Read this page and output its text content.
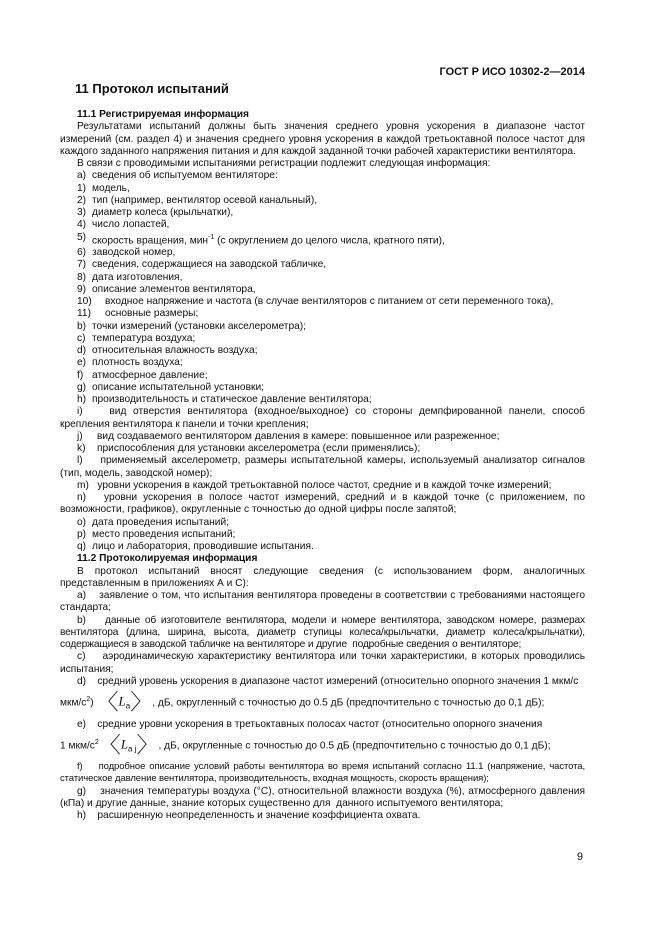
ГОСТ Р ИСО 10302-2—2014
11 Протокол испытаний

11.1 Регистрируемая информация

Результатами испытаний должны быть значения среднего уровня ускорения в диапазоне частот измерений (см. раздел 4) и значения среднего уровня ускорения в каждой третьоктавной полосе частот для каждого заданного напряжения питания и для каждой заданной точки рабочей характеристики вентилятора.

В связи с проводимыми испытаниями регистрации подлежит следующая информация:

a) сведения об испытуемом вентиляторе:
1) модель,
2) тип (например, вентилятор осевой канальный),
3) диаметр колеса (крыльчатки),
4) число лопастей,
5) скорость вращения, мин$^{-1}$ (с округлением до целого числа, кратного пяти),
6) заводской номер,
7) сведения, содержащиеся на заводской табличке,
8) дата изготовления,
9) описание элементов вентилятора,
10)	входное напряжение и частота (в случае вентиляторов с питанием от сети переменного тока),
11)	основные размеры;
b) точки измерений (установки акселерометра);
c) температура воздуха;
d) относительная влажность воздуха;
e) плотность воздуха;
f) атмосферное давление;
g) описание испытательной установки;
h) производительность и статическое давление вентилятора;

i)    вид отверстия вентилятора (входное/выходное) со стороны демпфированной панели, способ крепления вентилятора к панели и точки крепления;

j)	вид создаваемого вентилятором давления в камере: повышенное или разреженное;
k)	приспособления для установки акселерометра (если применялись);

l)    применяемый акселерометр, размеры испытательной камеры, используемый анализатор сигналов (тип, модель, заводской номер);

m)   уровни ускорения в каждой третьоктавной полосе частот, средние и в каждой точке измерений;

n)   уровни ускорения в полосе частот измерений, средний и в каждой точке (с приложением, по возможности, графиков), округленные с точностью до одной цифры после запятой;

o) дата проведения испытаний;
p) место проведения испытаний;
q) лицо и лаборатория, проводившие испытания.

11.2 Протоколируемая информация

В протокол испытаний вносят следующие сведения (с использованием форм, аналогичных представленным в приложениях А и С):

a)    заявление о том, что испытания вентилятора проведены в соответствии с требованиями настоящего стандарта;

b)    данные об изготовителе вентилятора, модели и номере вентилятора, заводском номере, размерах вентилятора (длина, ширина, высота, диаметр ступицы колеса/крыльчатки, диаметр колеса/крыльчатки), содержащиеся в заводской табличке на вентиляторе и другие  подробные сведения о вентиляторе;

c)    аэродинамическую характеристику вентилятора или точки характеристики, в которых проводились испытания;

d)    средний уровень ускорения в диапазоне частот измерений (относительно опорного значения 1 мкм/с

мкм/$с^2$) 〈$L_a$〉, дБ, округленный с точностью до 0.5 дБ (предпочтительно с точностью до 0,1 дБ);

e)    средние уровни ускорения в третьоктавных полосах частот (относительно опорного значения

1 мкм/$с^2$〈$L_{a j}$〉, дБ, округленные с точностью до 0.5 дБ (предпочтительно с точностью до 0,1 дБ);

f)    подробное описание условий работы вентилятора во время испытаний согласно 11.1 (напряжение, частота, статическое давление вентилятора, производительность, входная мощность, скорость вращения);

g)    значения температуры воздуха (°С), относительной влажности воздуха (%), атмосферного давления (кПа) и другие данные, знание которых существенно для  данного испытуемого вентилятора;

h)    расширенную неопределенность и значение коэффициента охвата.

9
